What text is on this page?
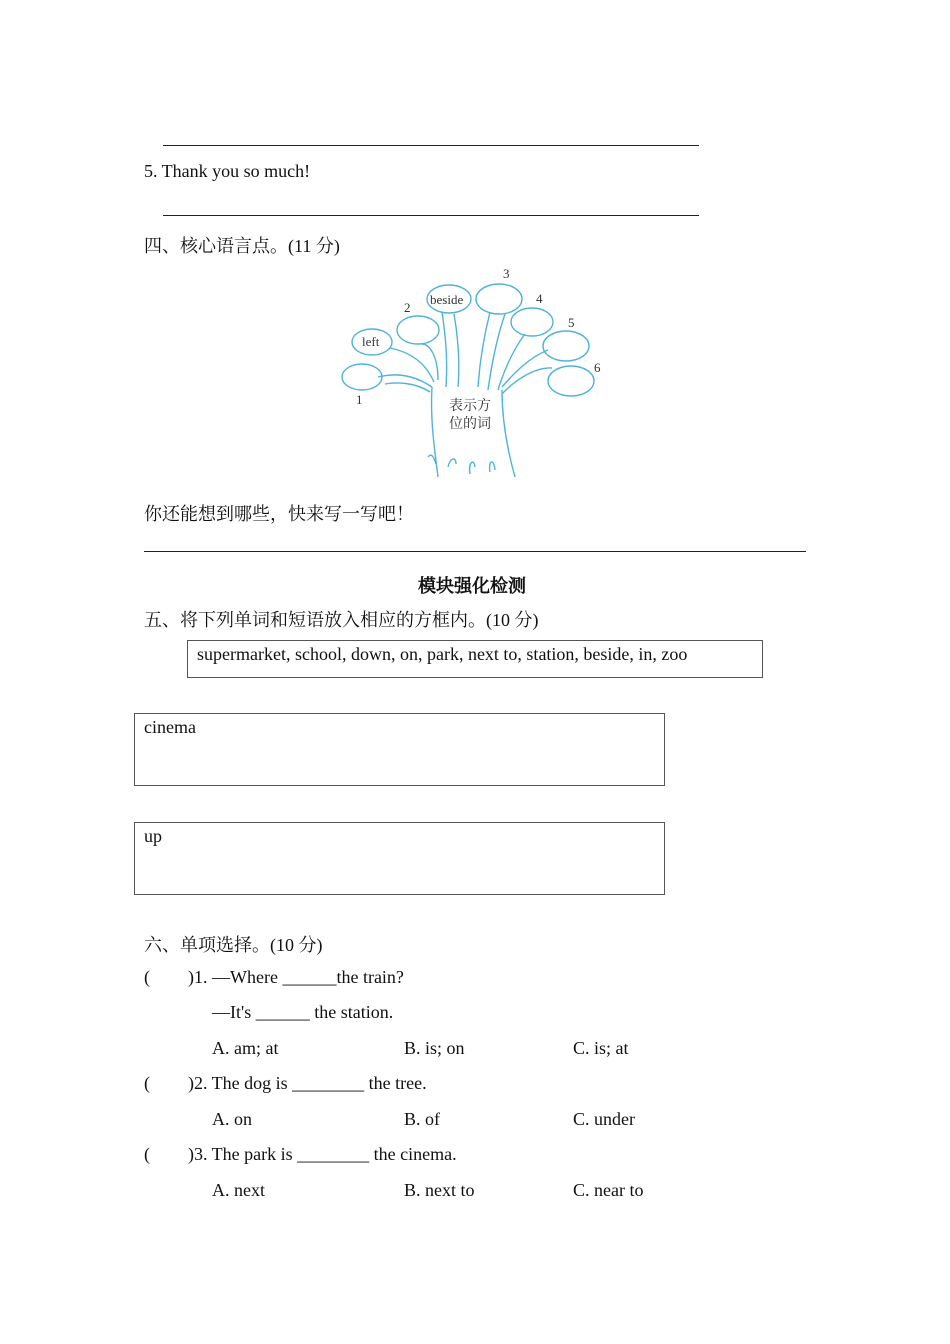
5. Thank you so much!
四、核心语言点。(11 分)
left
beside
1
2
3
4
5
6
表示方
位的词
你还能想到哪些，快来写一写吧！
模块强化检测
五、将下列单词和短语放入相应的方框内。(10 分)
supermarket, school, down, on, park, next to, station, beside, in, zoo
cinema
up
六、单项选择。(10 分)
( )1. —Where ______the train?
—It's ______ the station.
A. am; at	B. is; on	C. is; at
( )2. The dog is ________ the tree.
A. on	B. of	C. under
( )3. The park is ________ the cinema.
A. next	B. next to	C. near to
